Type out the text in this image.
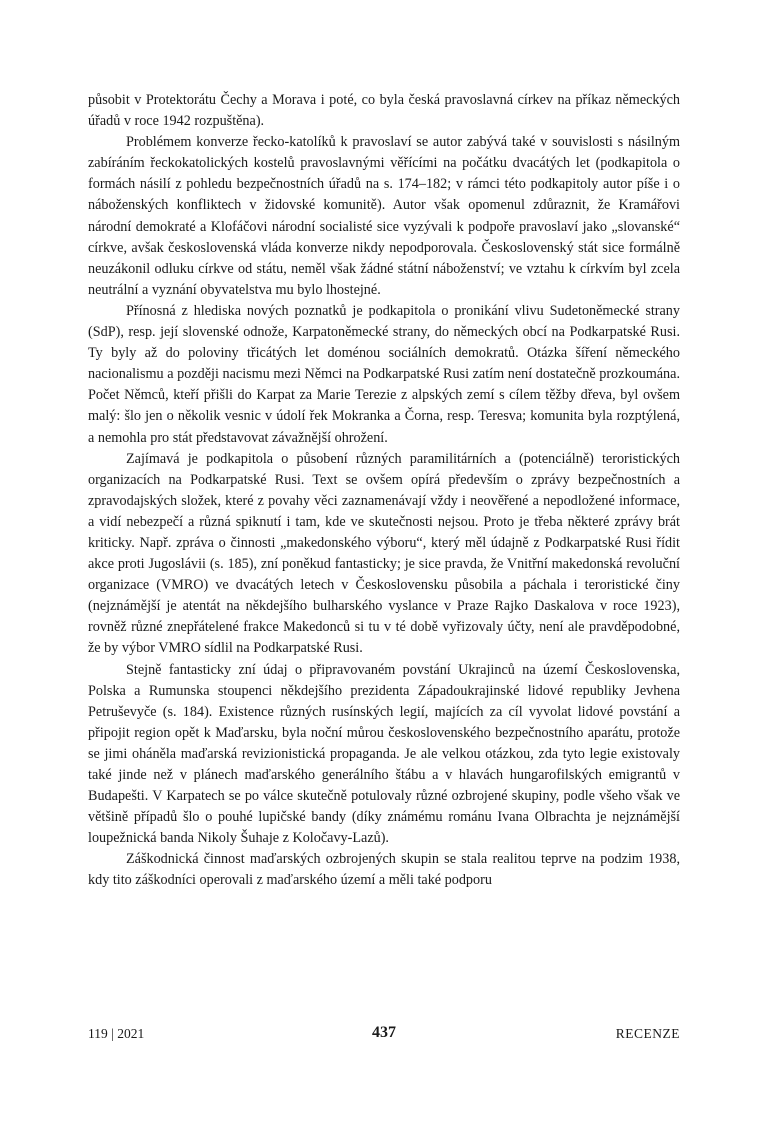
působit v Protektorátu Čechy a Morava i poté, co byla česká pravoslavná církev na příkaz německých úřadů v roce 1942 rozpuštěna).

Problémem konverze řecko-katolíků k pravoslaví se autor zabývá také v souvislosti s násilným zabíráním řeckokatolických kostelů pravoslavnými věřícími na počátku dvacátých let (podkapitola o formách násilí z pohledu bezpečnostních úřadů na s. 174–182; v rámci této podkapitoly autor píše i o náboženských konfliktech v židovské komunitě). Autor však opomenul zdůraznit, že Kramářovi národní demokraté a Klofáčovi národní socialisté sice vyzývali k podpoře pravoslaví jako „slovanské“ církve, avšak československá vláda konverze nikdy nepodporovala. Československý stát sice formálně neuzákonil odluku církve od státu, neměl však žádné státní náboženství; ve vztahu k církvím byl zcela neutrální a vyznání obyvatelstva mu bylo lhostejné.

Přínosná z hlediska nových poznatků je podkapitola o pronikání vlivu Sudetoněmecké strany (SdP), resp. její slovenské odnože, Karpatoněmecké strany, do německých obcí na Podkarpatské Rusi. Ty byly až do poloviny třicátých let doménou sociálních demokratů. Otázka šíření německého nacionalismu a později nacismu mezi Němci na Podkarpatské Rusi zatím není dostatečně prozkoumána. Počet Němců, kteří přišli do Karpat za Marie Terezie z alpských zemí s cílem těžby dřeva, byl ovšem malý: šlo jen o několik vesnic v údolí řek Mokranka a Čorna, resp. Teresva; komunita byla rozptýlená, a nemohla pro stát představovat závažnější ohrožení.

Zajímavá je podkapitola o působení různých paramilitárních a (potenciálně) teroristických organizacích na Podkarpatské Rusi. Text se ovšem opírá především o zprávy bezpečnostních a zpravodajských složek, které z povahy věci zaznamenávají vždy i neověřené a nepodložené informace, a vidí nebezpečí a různá spiknutí i tam, kde ve skutečnosti nejsou. Proto je třeba některé zprávy brát kriticky. Např. zpráva o činnosti „makedonského výboru“, který měl údajně z Podkarpatské Rusi řídit akce proti Jugoslávii (s. 185), zní poněkud fantasticky; je sice pravda, že Vnitřní makedonská revoluční organizace (VMRO) ve dvacátých letech v Československu působila a páchala i teroristické činy (nejznámější je atentát na někdejšího bulharského vyslance v Praze Rajko Daskalova v roce 1923), rovněž různé znepřátelené frakce Makedonců si tu v té době vyřizovaly účty, není ale pravděpodobné, že by výbor VMRO sídlil na Podkarpatské Rusi.

Stejně fantasticky zní údaj o připravovaném povstání Ukrajinců na území Československa, Polska a Rumunska stoupenci někdejšího prezidenta Západoukrajinské lidové republiky Jevhena Petruševyče (s. 184). Existence různých rusínských legií, majících za cíl vyvolat lidové povstání a připojit region opět k Maďarsku, byla noční můrou československého bezpečnostního aparátu, protože se jimi oháněla maďarská revizionistická propaganda. Je ale velkou otázkou, zda tyto legie existovaly také jinde než v plánech maďarského generálního štábu a v hlavách hungarofilských emigrantů v Budapešti. V Karpatech se po válce skutečně potulovaly různé ozbrojené skupiny, podle všeho však ve většině případů šlo o pouhé lupičské bandy (díky známému románu Ivana Olbrachta je nejznámější loupežnická banda Nikoly Šuhaje z Koločavy-Lazů).

Záškodnická činnost maďarských ozbrojených skupin se stala realitou teprve na podzim 1938, kdy tito záškodníci operovali z maďarského území a měli také podporu

119 | 2021	437	RECENZE
